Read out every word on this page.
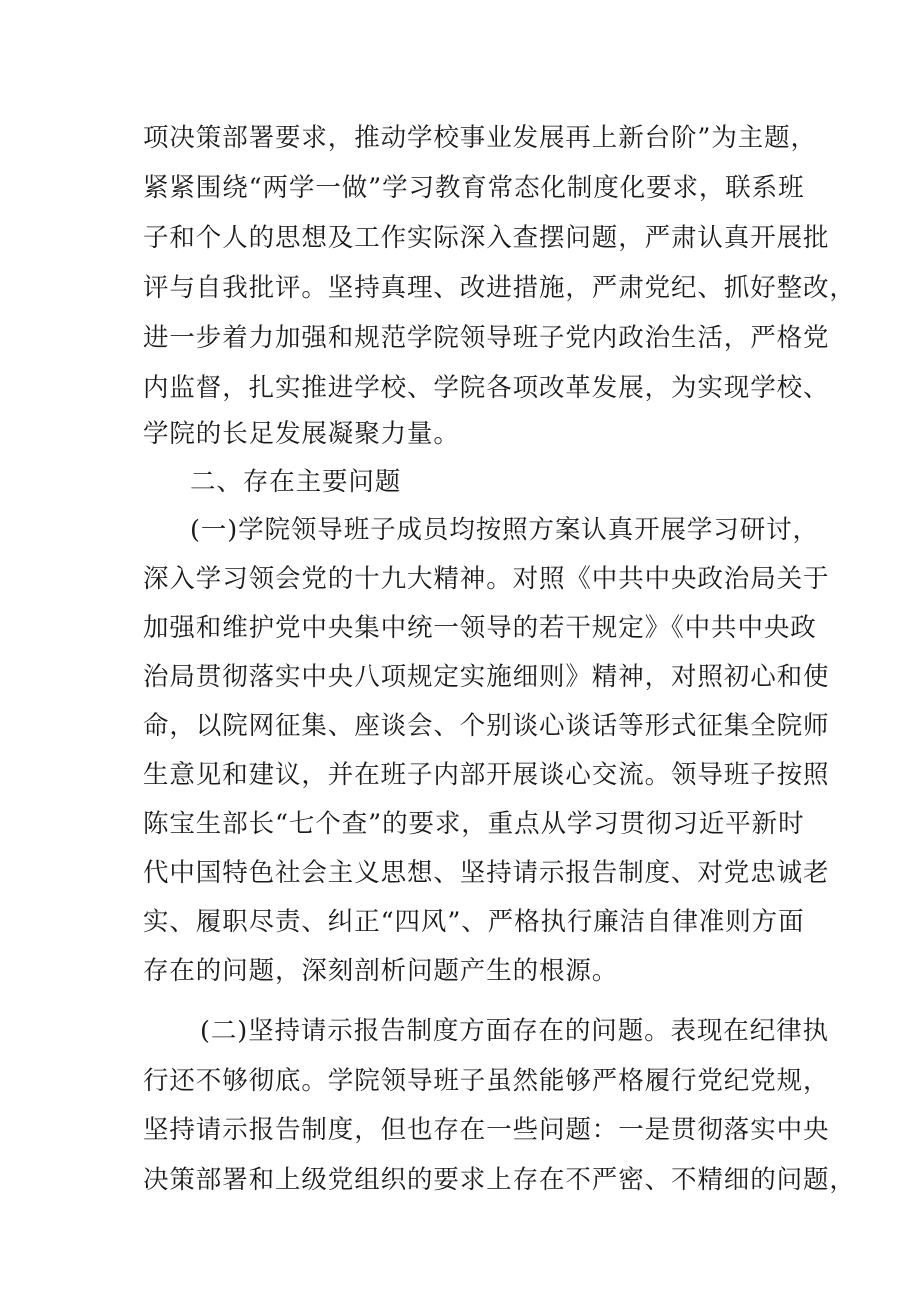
项决策部署要求，推动学校事业发展再上新台阶”为主题，
紧紧围绕“两学一做”学习教育常态化制度化要求，联系班
子和个人的思想及工作实际深入查摆问题，严肃认真开展批
评与自我批评。坚持真理、改进措施，严肃党纪、抓好整改，
进一步着力加强和规范学院领导班子党内政治生活，严格党
内监督，扎实推进学校、学院各项改革发展，为实现学校、
学院的长足发展凝聚力量。
二、存在主要问题
(一)学院领导班子成员均按照方案认真开展学习研讨，
深入学习领会党的十九大精神。对照《中共中央政治局关于
加强和维护党中央集中统一领导的若干规定》《中共中央政
治局贯彻落实中央八项规定实施细则》精神，对照初心和使
命，以院网征集、座谈会、个别谈心谈话等形式征集全院师
生意见和建议，并在班子内部开展谈心交流。领导班子按照
陈宝生部长“七个查”的要求，重点从学习贯彻习近平新时
代中国特色社会主义思想、坚持请示报告制度、对党忠诚老
实、履职尽责、纠正“四风”、严格执行廉洁自律准则方面
存在的问题，深刻剖析问题产生的根源。
(二)坚持请示报告制度方面存在的问题。表现在纪律执
行还不够彻底。学院领导班子虽然能够严格履行党纪党规，
坚持请示报告制度，但也存在一些问题：一是贯彻落实中央
决策部署和上级党组织的要求上存在不严密、不精细的问题，
